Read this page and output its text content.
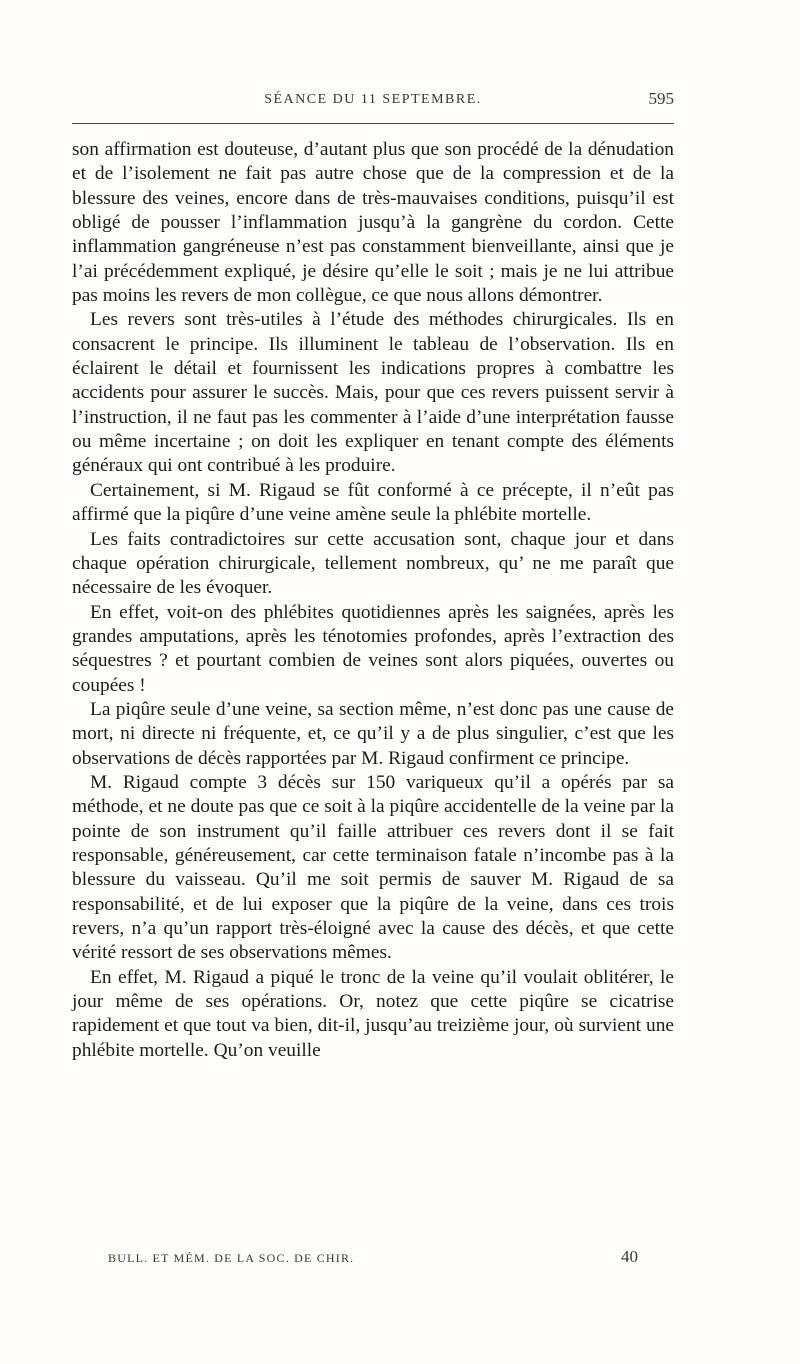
SÉANCE DU 11 SEPTEMBRE.	595

son affirmation est douteuse, d’autant plus que son procédé de la dénudation et de l’isolement ne fait pas autre chose que de la compression et de la blessure des veines, encore dans de très-mauvaises conditions, puisqu’il est obligé de pousser l’inflammation jusqu’à la gangrène du cordon. Cette inflammation gangréneuse n’est pas constamment bienveillante, ainsi que je l’ai précédemment expliqué, je désire qu’elle le soit ; mais je ne lui attribue pas moins les revers de mon collègue, ce que nous allons démontrer.

Les revers sont très-utiles à l’étude des méthodes chirurgicales. Ils en consacrent le principe. Ils illuminent le tableau de l’observation. Ils en éclairent le détail et fournissent les indications propres à combattre les accidents pour assurer le succès. Mais, pour que ces revers puissent servir à l’instruction, il ne faut pas les commenter à l’aide d’une interprétation fausse ou même incertaine ; on doit les expliquer en tenant compte des éléments généraux qui ont contribué à les produire.

Certainement, si M. Rigaud se fût conformé à ce précepte, il n’eût pas affirmé que la piqûre d’une veine amène seule la phlébite mortelle.

Les faits contradictoires sur cette accusation sont, chaque jour et dans chaque opération chirurgicale, tellement nombreux, qu’ ne me paraît que nécessaire de les évoquer.

En effet, voit-on des phlébites quotidiennes après les saignées, après les grandes amputations, après les ténotomies profondes, après l’extraction des séquestres ? et pourtant combien de veines sont alors piquées, ouvertes ou coupées !

La piqûre seule d’une veine, sa section même, n’est donc pas une cause de mort, ni directe ni fréquente, et, ce qu’il y a de plus singulier, c’est que les observations de décès rapportées par M. Rigaud confirment ce principe.

M. Rigaud compte 3 décès sur 150 variqueux qu’il a opérés par sa méthode, et ne doute pas que ce soit à la piqûre accidentelle de la veine par la pointe de son instrument qu’il faille attribuer ces revers dont il se fait responsable, généreusement, car cette terminaison fatale n’incombe pas à la blessure du vaisseau. Qu’il me soit permis de sauver M. Rigaud de sa responsabilité, et de lui exposer que la piqûre de la veine, dans ces trois revers, n’a qu’un rapport très-éloigné avec la cause des décès, et que cette vérité ressort de ses observations mêmes.

En effet, M. Rigaud a piqué le tronc de la veine qu’il voulait oblitérer, le jour même de ses opérations. Or, notez que cette piqûre se cicatrise rapidement et que tout va bien, dit-il, jusqu’au treizième jour, où survient une phlébite mortelle. Qu’on veuille

BULL. ET MÉM. DE LA SOC. DE CHIR.	40
